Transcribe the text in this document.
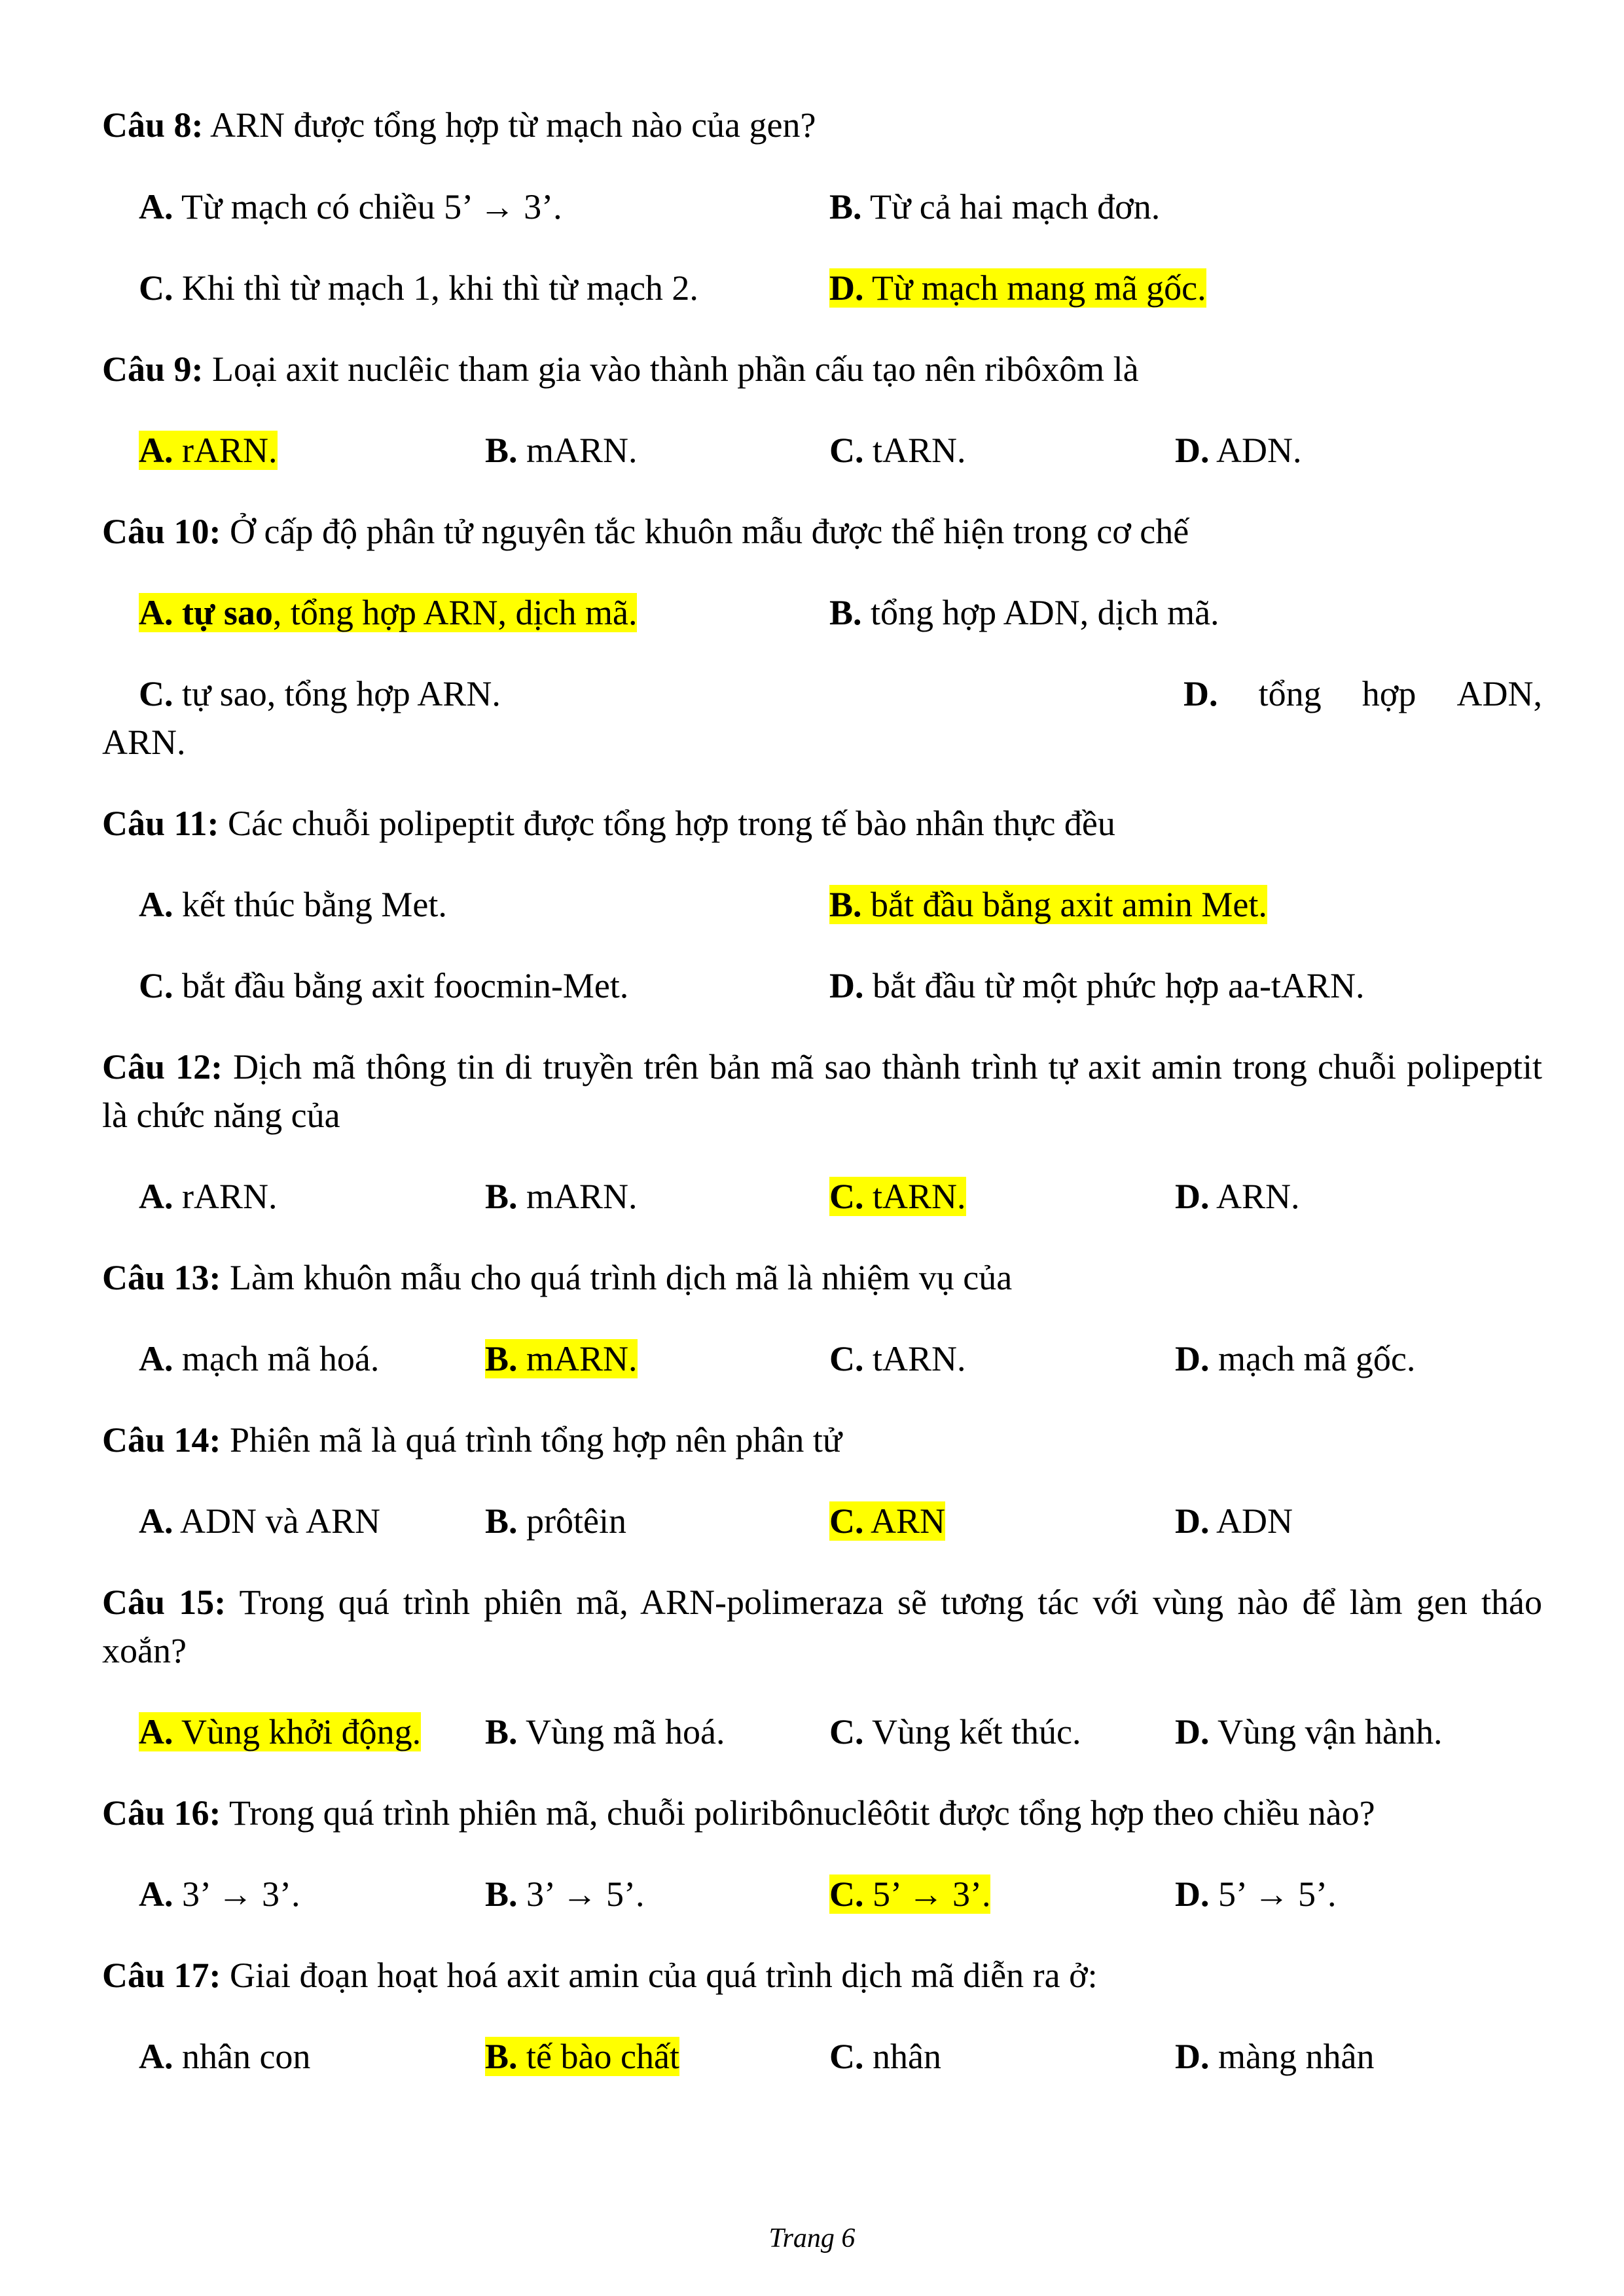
Câu 8: ARN được tổng hợp từ mạch nào của gen?
A. Từ mạch có chiều 5’ → 3’.	B. Từ cả hai mạch đơn.
C. Khi thì từ mạch 1, khi thì từ mạch 2.	D. Từ mạch mang mã gốc.
Câu 9: Loại axit nuclêic tham gia vào thành phần cấu tạo nên ribôxôm là
A. rARN.	B. mARN.	C. tARN.	D. ADN.
Câu 10: Ở cấp độ phân tử nguyên tắc khuôn mẫu được thể hiện trong cơ chế
A. tự sao, tổng hợp ARN, dịch mã.	B. tổng hợp ADN, dịch mã.
C. tự sao, tổng hợp ARN.	D. tổng hợp ADN,
ARN.
Câu 11: Các chuỗi polipeptit được tổng hợp trong tế bào nhân thực đều
A. kết thúc bằng Met.	B. bắt đầu bằng axit amin Met.
C. bắt đầu bằng axit foocmin-Met.	D. bắt đầu từ một phức hợp aa-tARN.
Câu 12: Dịch mã thông tin di truyền trên bản mã sao thành trình tự axit amin trong chuỗi polipeptit là chức năng của
A. rARN.	B. mARN.	C. tARN.	D. ARN.
Câu 13: Làm khuôn mẫu cho quá trình dịch mã là nhiệm vụ của
A. mạch mã hoá.	B. mARN.	C. tARN.	D. mạch mã gốc.
Câu 14: Phiên mã là quá trình tổng hợp nên phân tử
A. ADN và ARN	B. prôtêin	C. ARN	D. ADN
Câu 15: Trong quá trình phiên mã, ARN-polimeraza sẽ tương tác với vùng nào để làm gen tháo xoắn?
A. Vùng khởi động. B. Vùng mã hoá.	C. Vùng kết thúc.	D. Vùng vận hành.
Câu 16: Trong quá trình phiên mã, chuỗi poliribônuclêôtit được tổng hợp theo chiều nào?
A. 3’ → 3’.	B. 3’ → 5’.	C. 5’ → 3’.	D. 5’ → 5’.
Câu 17: Giai đoạn hoạt hoá axit amin của quá trình dịch mã diễn ra ở:
A. nhân con	B. tế bào chất	C. nhân	D. màng nhân
Trang 6
